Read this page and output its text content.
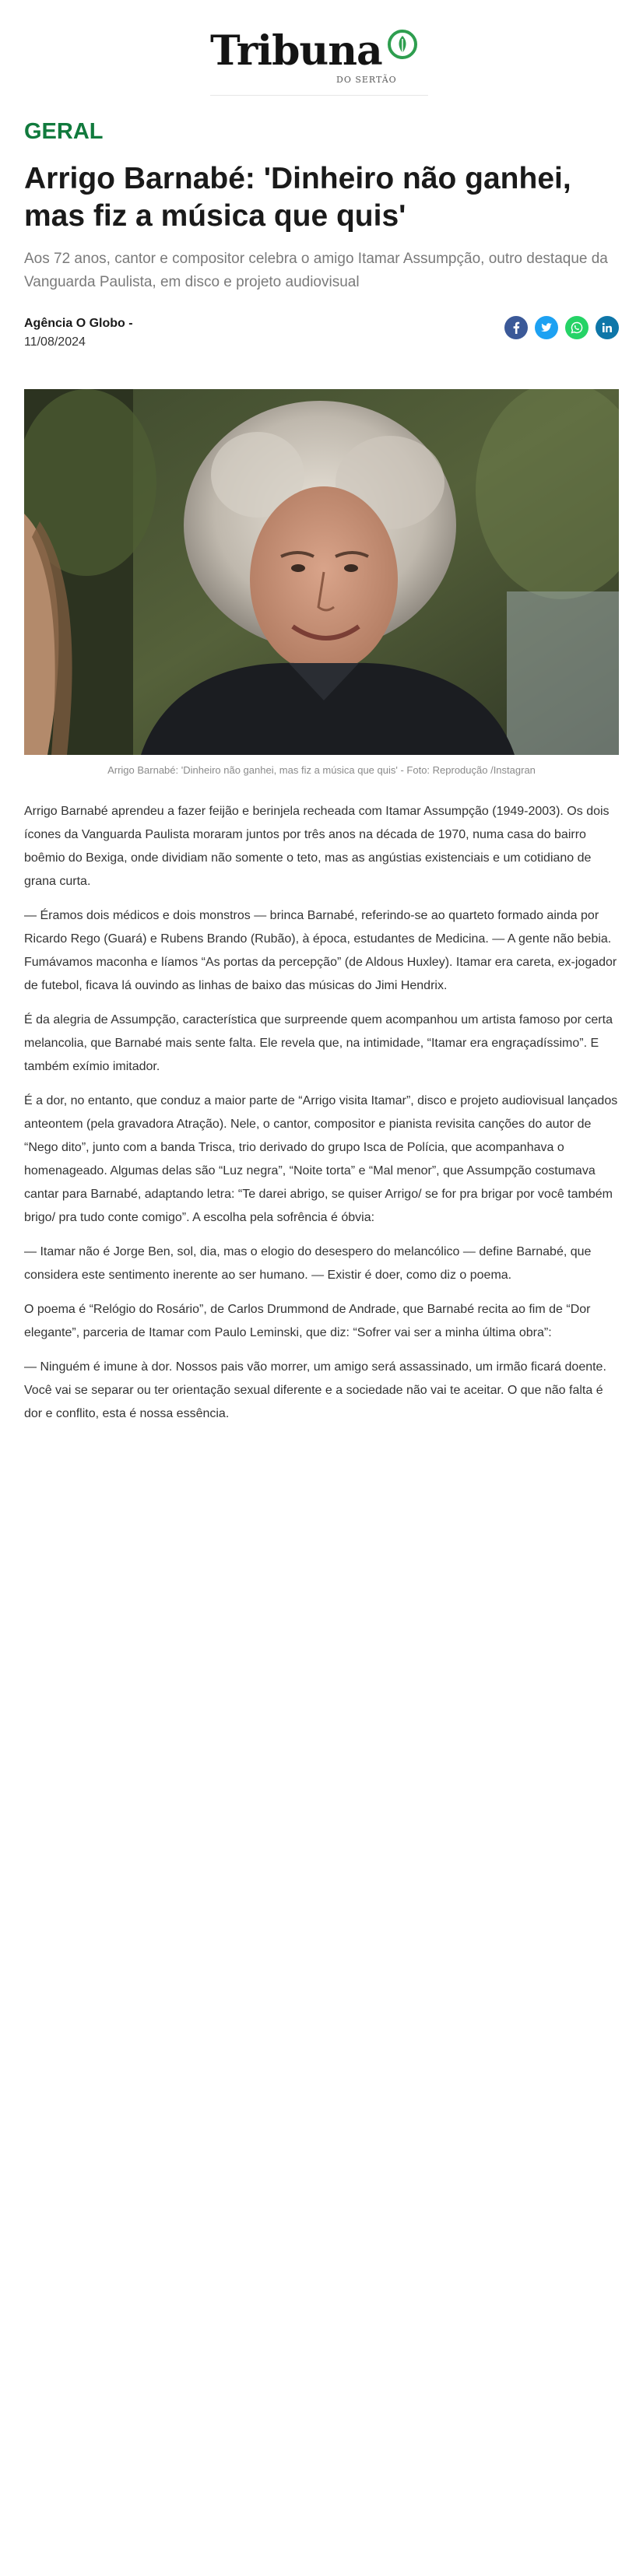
Tribuna
DO SERTÃO
GERAL
Arrigo Barnabé: 'Dinheiro não ganhei, mas fiz a música que quis'

Aos 72 anos, cantor e compositor celebra o amigo Itamar Assumpção, outro destaque da Vanguarda Paulista, em disco e projeto audiovisual

Agência O Globo -
11/08/2024
Arrigo Barnabé: 'Dinheiro não ganhei, mas fiz a música que quis' - Foto: Reprodução /Instagran

Arrigo Barnabé aprendeu a fazer feijão e berinjela recheada com Itamar Assumpção (1949-2003). Os dois ícones da Vanguarda Paulista moraram juntos por três anos na década de 1970, numa casa do bairro boêmio do Bexiga, onde dividiam não somente o teto, mas as angústias existenciais e um cotidiano de grana curta.

— Éramos dois médicos e dois monstros — brinca Barnabé, referindo-se ao quarteto formado ainda por Ricardo Rego (Guará) e Rubens Brando (Rubão), à época, estudantes de Medicina. — A gente não bebia. Fumávamos maconha e líamos “As portas da percepção” (de Aldous Huxley). Itamar era careta, ex-jogador de futebol, ficava lá ouvindo as linhas de baixo das músicas do Jimi Hendrix.

É da alegria de Assumpção, característica que surpreende quem acompanhou um artista famoso por certa melancolia, que Barnabé mais sente falta. Ele revela que, na intimidade, “Itamar era engraçadíssimo”. E também exímio imitador.

É a dor, no entanto, que conduz a maior parte de “Arrigo visita Itamar”, disco e projeto audiovisual lançados anteontem (pela gravadora Atração). Nele, o cantor, compositor e pianista revisita canções do autor de “Nego dito”, junto com a banda Trisca, trio derivado do grupo Isca de Polícia, que acompanhava o homenageado. Algumas delas são “Luz negra”, “Noite torta” e “Mal menor”, que Assumpção costumava cantar para Barnabé, adaptando letra: “Te darei abrigo, se quiser Arrigo/ se for pra brigar por você também brigo/ pra tudo conte comigo”. A escolha pela sofrência é óbvia:

— Itamar não é Jorge Ben, sol, dia, mas o elogio do desespero do melancólico — define Barnabé, que considera este sentimento inerente ao ser humano. — Existir é doer, como diz o poema.

O poema é “Relógio do Rosário”, de Carlos Drummond de Andrade, que Barnabé recita ao fim de “Dor elegante”, parceria de Itamar com Paulo Leminski, que diz: “Sofrer vai ser a minha última obra”:

— Ninguém é imune à dor. Nossos pais vão morrer, um amigo será assassinado, um irmão ficará doente. Você vai se separar ou ter orientação sexual diferente e a sociedade não vai te aceitar. O que não falta é dor e conflito, esta é nossa essência.
